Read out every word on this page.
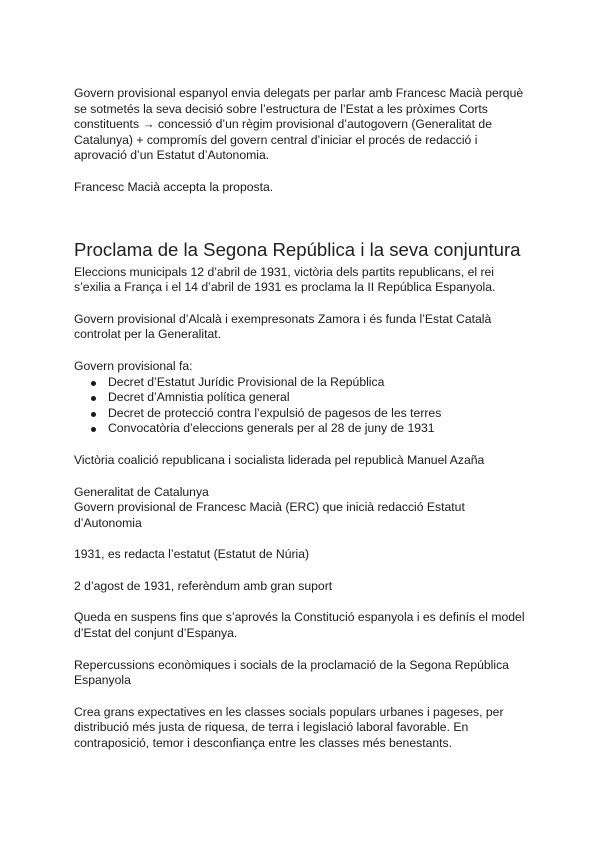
Govern provisional espanyol envia delegats per parlar amb Francesc Macià perquè se sotmetés la seva decisió sobre l’estructura de l’Estat a les pròximes Corts constituents → concessió d’un règim provisional d’autogovern (Generalitat de Catalunya) + compromís del govern central d’iniciar el procés de redacció i aprovació d’un Estatut d’Autonomia.

Francesc Macià accepta la proposta.

Proclama de la Segona República i la seva conjuntura

Eleccions municipals 12 d’abril de 1931, victòria dels partits republicans, el rei s’exilia a França i el 14 d’abril de 1931 es proclama la II República Espanyola.

Govern provisional d’Alcalà i exempresonats Zamora i és funda l’Estat Català controlat per la Generalitat.

Govern provisional fa:

Decret d’Estatut Jurídic Provisional de la República
Decret d’Amnistia política general
Decret de protecció contra l’expulsió de pagesos de les terres
Convocatòria d’eleccions generals per al 28 de juny de 1931

Victòria coalició republicana i socialista liderada pel republicà Manuel Azaña

Generalitat de Catalunya

Govern provisional de Francesc Macià (ERC) que inicià redacció Estatut d’Autonomia

1931, es redacta l’estatut (Estatut de Núria)

2 d’agost de 1931, referèndum amb gran suport

Queda en suspens fins que s’aprovés la Constitució espanyola i es definís el model d’Estat del conjunt d’Espanya.

Repercussions econòmiques i socials de la proclamació de la Segona República Espanyola

Crea grans expectatives en les classes socials populars urbanes i pageses, per distribució més justa de riquesa, de terra i legislació laboral favorable. En contraposició, temor i desconfiança entre les classes més benestants.
